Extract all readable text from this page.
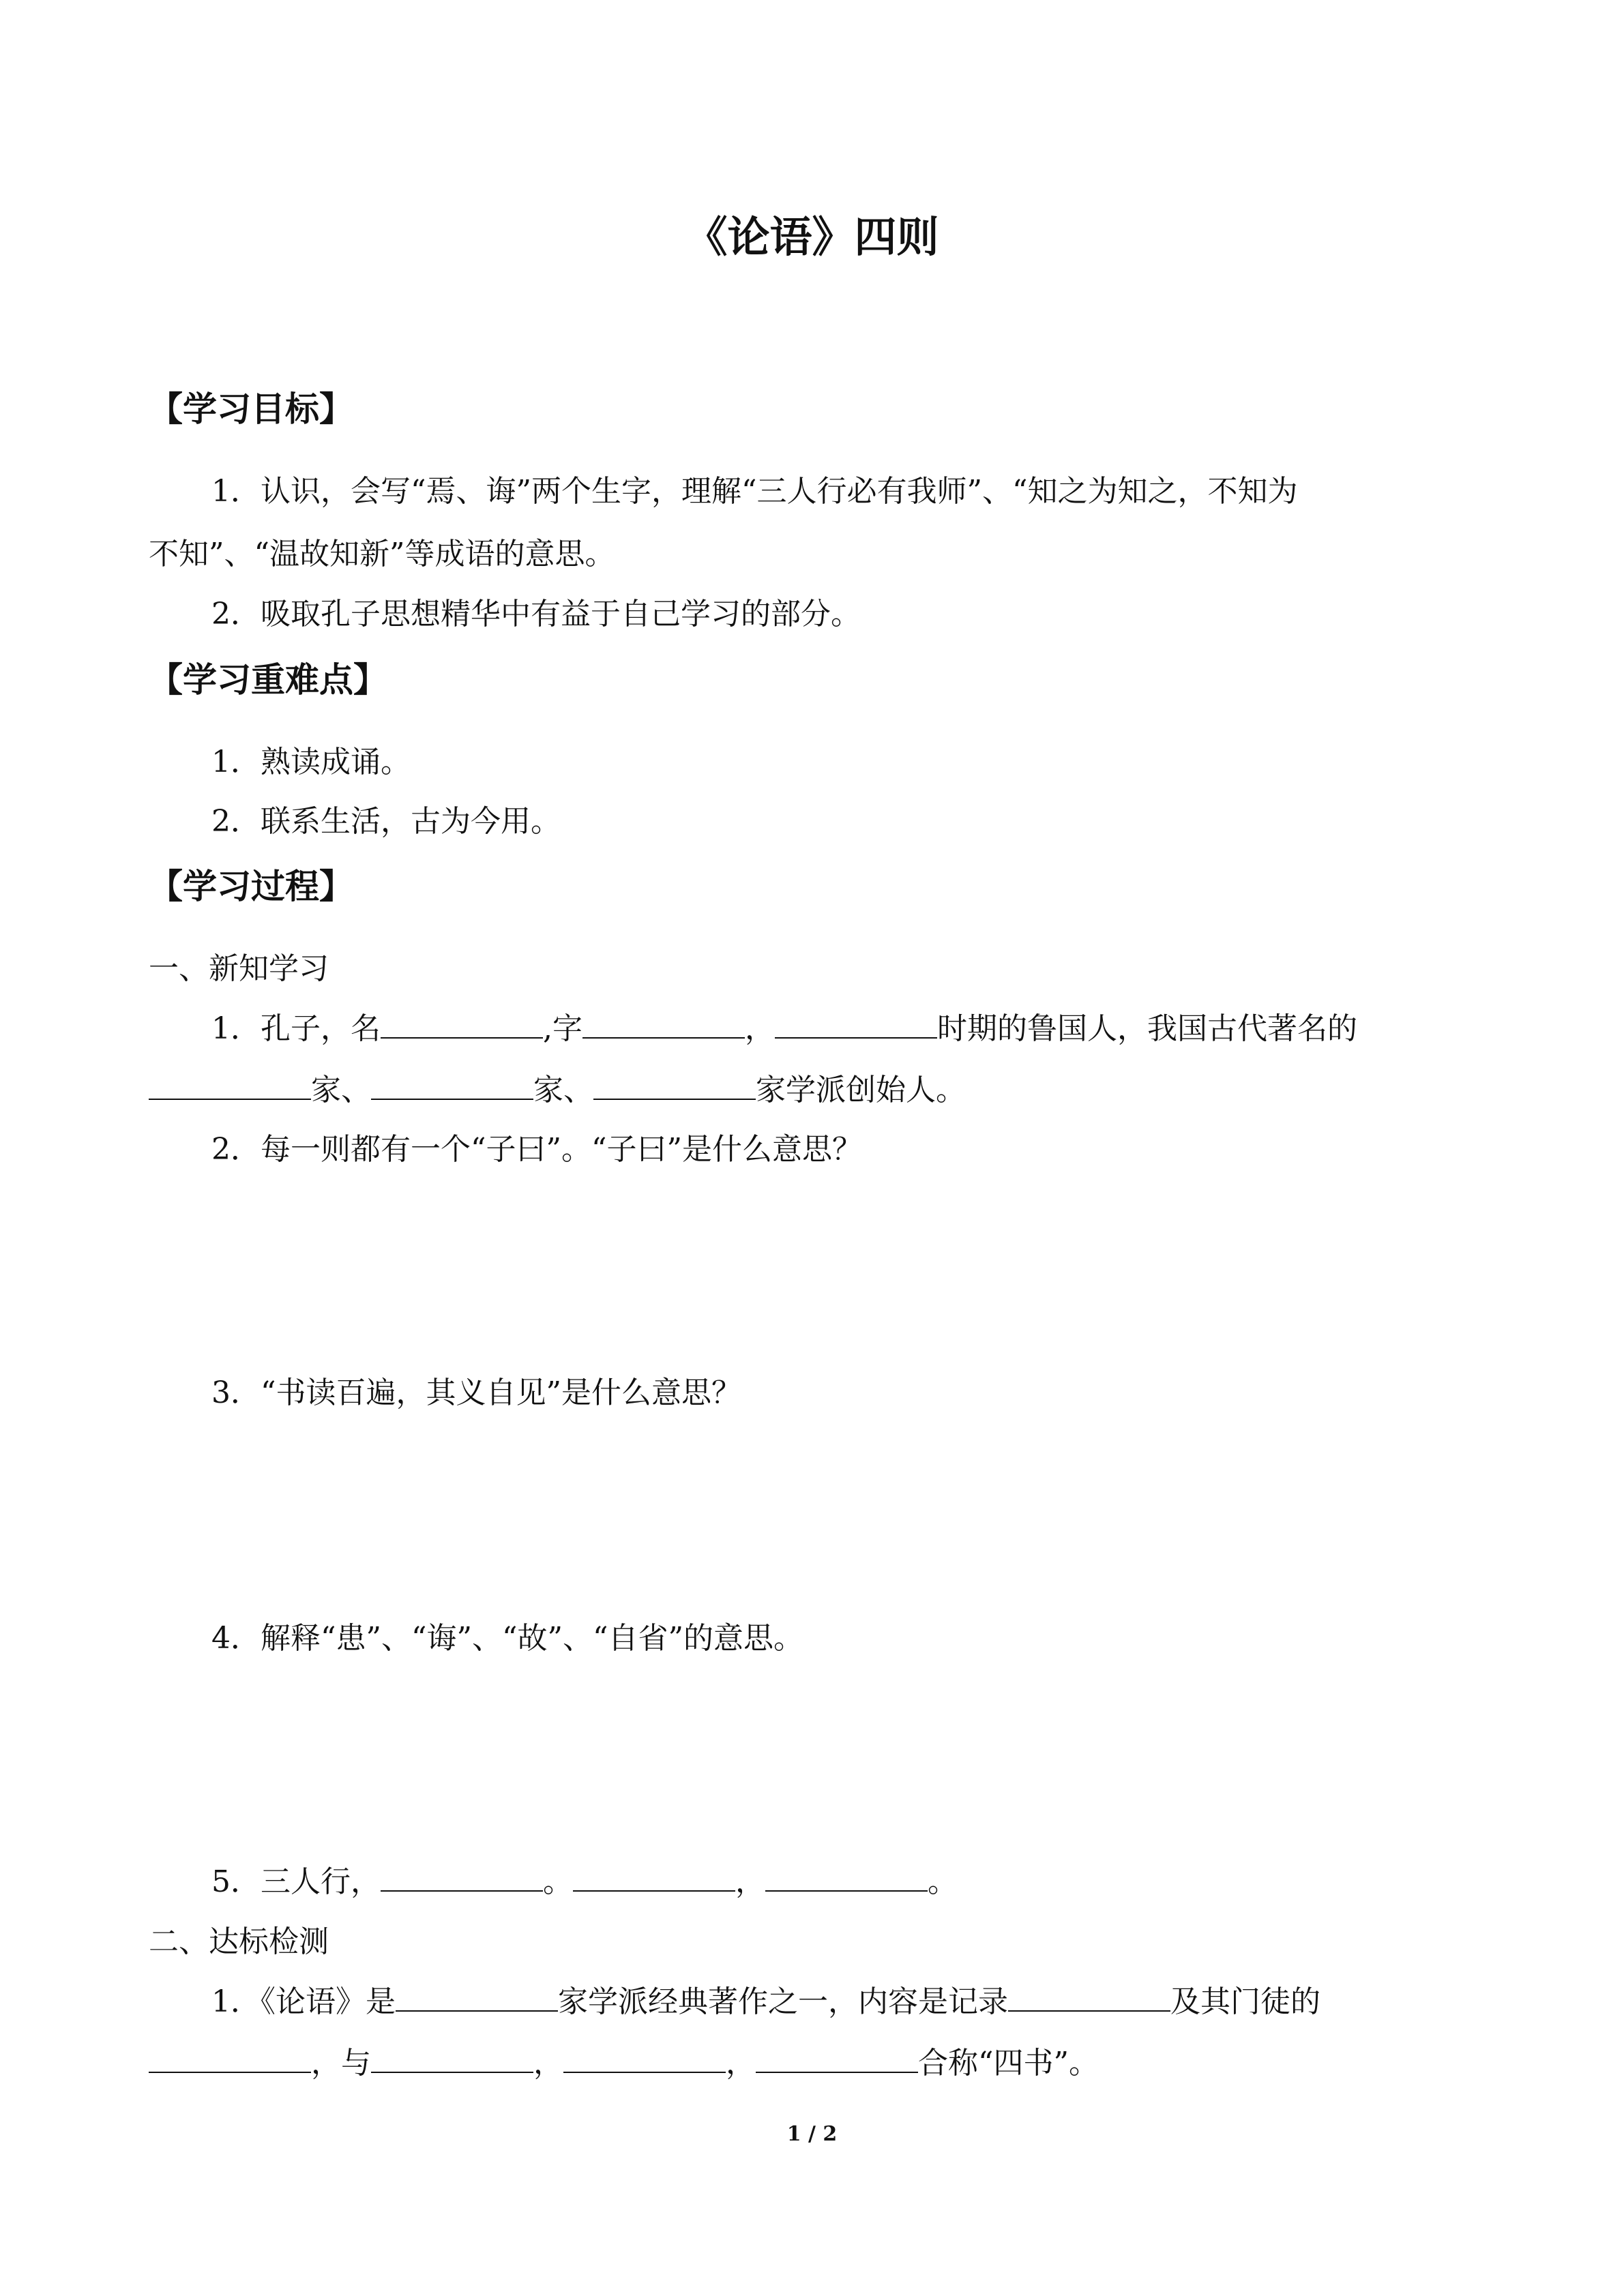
《论语》四则
【学习目标】
1．认识，会写“焉、诲”两个生字，理解“三人行必有我师”、“知之为知之，不知为
不知”、“温故知新”等成语的意思。
2．吸取孔子思想精华中有益于自己学习的部分。
【学习重难点】
1．熟读成诵。
2．联系生活，古为今用。
【学习过程】
一、新知学习
1．孔子，名	,字	，	时期的鲁国人，我国古代著名的
家、	家、	家学派创始人。
2．每一则都有一个“子曰”。“子曰”是什么意思？
3．“书读百遍，其义自见”是什么意思？
4．解释“患”、“诲”、“故”、“自省”的意思。
5．三人行，	。	，	。
二、达标检测
1．《论语》是	家学派经典著作之一，内容是记录	及其门徒的
，与	，	，	合称“四书”。
1 / 2
